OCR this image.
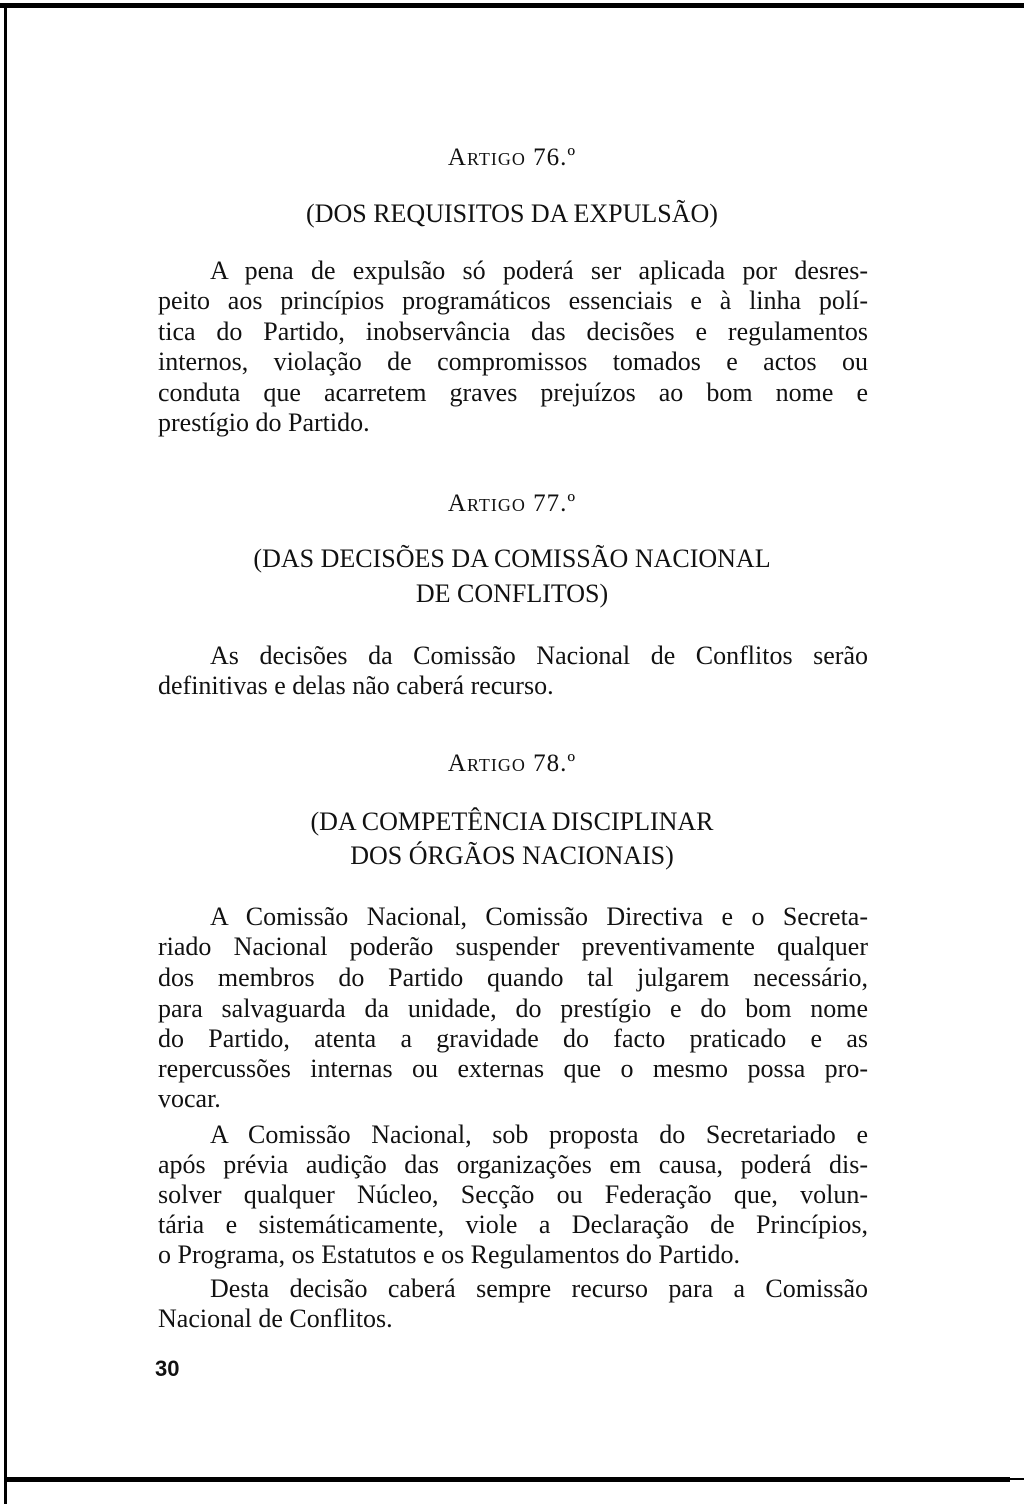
Artigo 76.º
(DOS REQUISITOS DA EXPULSÃO)
A pena de expulsão só poderá ser aplicada por desres-
peito aos princípios programáticos essenciais e à linha polí-
tica do Partido, inobservância das decisões e regulamentos
internos, violação de compromissos tomados e actos ou
conduta que acarretem graves prejuízos ao bom nome e
prestígio do Partido.
Artigo 77.º
(DAS DECISÕES DA COMISSÃO NACIONAL
DE CONFLITOS)
As decisões da Comissão Nacional de Conflitos serão
definitivas e delas não caberá recurso.
Artigo 78.º
(DA COMPETÊNCIA DISCIPLINAR
DOS ÓRGÃOS NACIONAIS)
A Comissão Nacional, Comissão Directiva e o Secreta-
riado Nacional poderão suspender preventivamente qualquer
dos membros do Partido quando tal julgarem necessário,
para salvaguarda da unidade, do prestígio e do bom nome
do Partido, atenta a gravidade do facto praticado e as
repercussões internas ou externas que o mesmo possa pro-
vocar.
A Comissão Nacional, sob proposta do Secretariado e
após prévia audição das organizações em causa, poderá dis-
solver qualquer Núcleo, Secção ou Federação que, volun-
tária e sistemáticamente, viole a Declaração de Princípios,
o Programa, os Estatutos e os Regulamentos do Partido.
Desta decisão caberá sempre recurso para a Comissão
Nacional de Conflitos.
30
